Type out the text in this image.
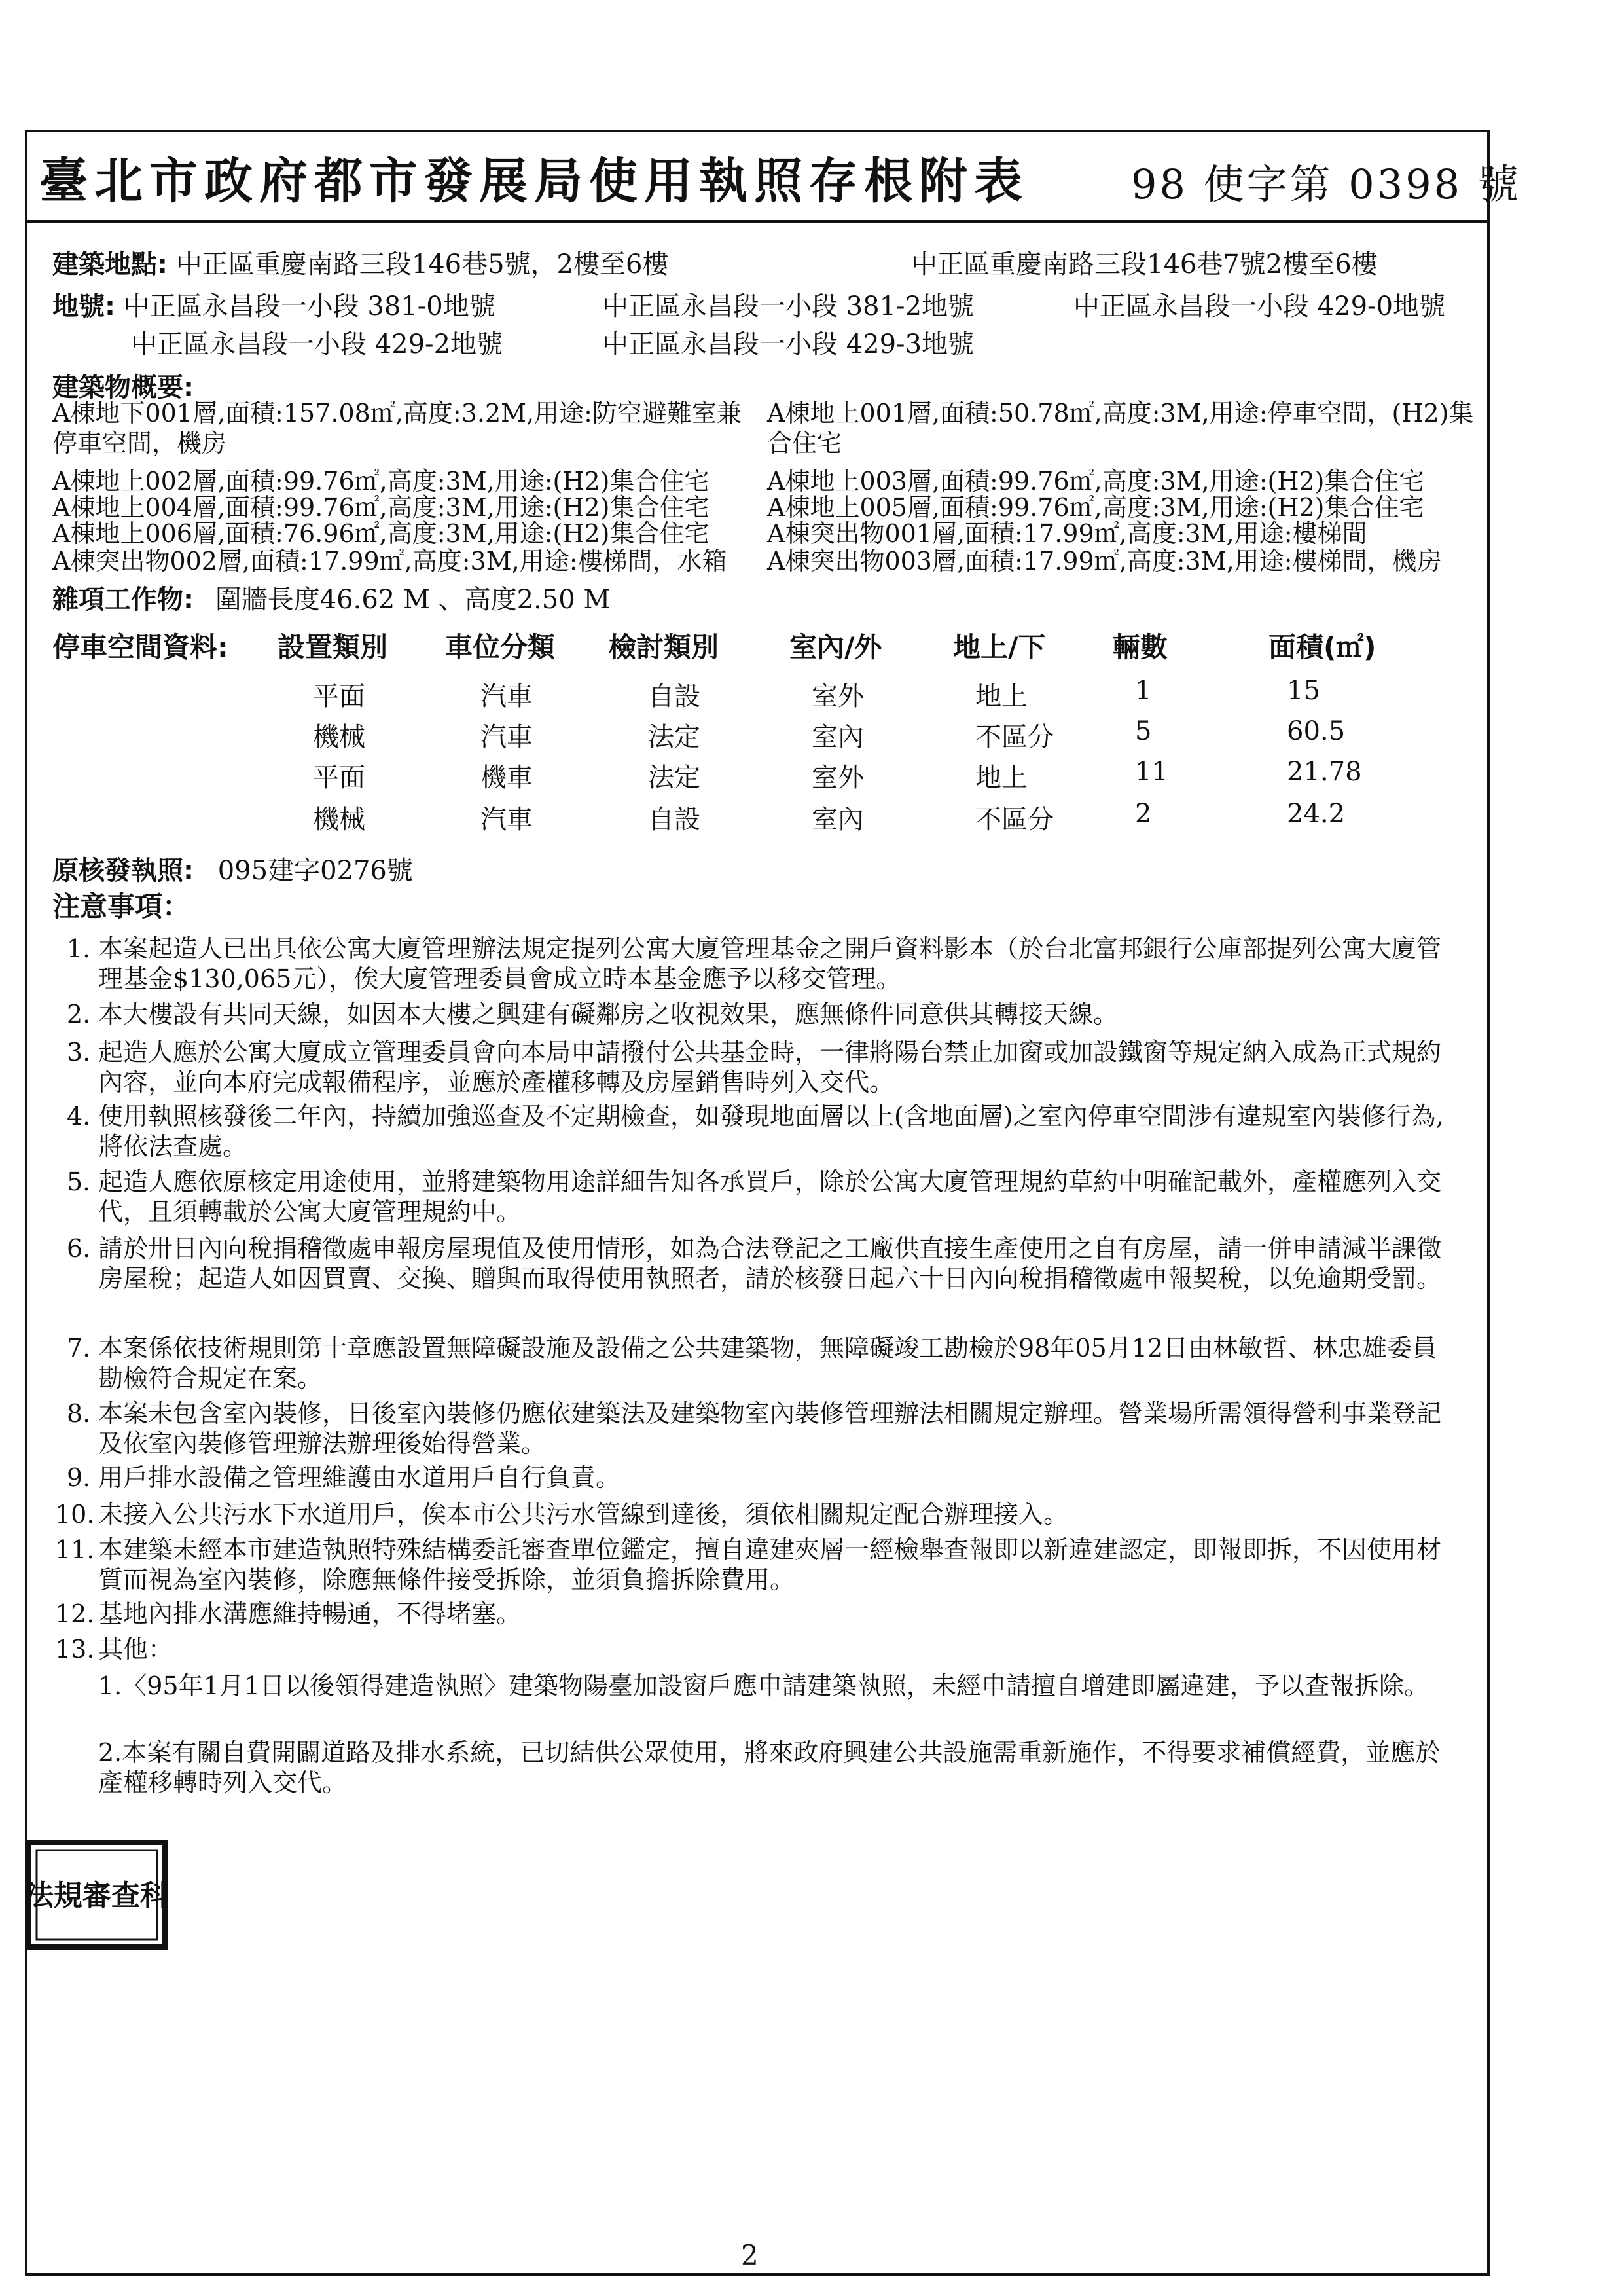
臺北市政府都市發展局使用執照存根附表	98 使字第 0398 號
建築地點: 中正區重慶南路三段146巷5號，2樓至6樓	中正區重慶南路三段146巷7號2樓至6樓
地號: 中正區永昌段一小段 381-0地號	中正區永昌段一小段 381-2地號	中正區永昌段一小段 429-0地號
中正區永昌段一小段 429-2地號	中正區永昌段一小段 429-3地號
建築物概要:
A棟地下001層,面積:157.08㎡,高度:3.2M,用途:防空避難室兼停車空間，機房
A棟地上002層,面積:99.76㎡,高度:3M,用途:(H2)集合住宅
A棟地上004層,面積:99.76㎡,高度:3M,用途:(H2)集合住宅
A棟地上006層,面積:76.96㎡,高度:3M,用途:(H2)集合住宅
A棟突出物002層,面積:17.99㎡,高度:3M,用途:樓梯間，水箱
A棟地上001層,面積:50.78㎡,高度:3M,用途:停車空間，(H2)集合住宅
A棟地上003層,面積:99.76㎡,高度:3M,用途:(H2)集合住宅
A棟地上005層,面積:99.76㎡,高度:3M,用途:(H2)集合住宅
A棟突出物001層,面積:17.99㎡,高度:3M,用途:樓梯間
A棟突出物003層,面積:17.99㎡,高度:3M,用途:樓梯間，機房
雜項工作物: 圍牆長度46.62 M 、高度2.50 M
停車空間資料: 設置類別 車位分類 檢討類別	室內/外	地上/下 輛數	面積(㎡)
平面	汽車	自設	室外	地上	1	15
機械	汽車	法定	室內	不區分	5	60.5
平面	機車	法定	室外	地上	11	21.78
機械	汽車	自設	室內	不區分	2	24.2
原核發執照: 095建字0276號
注意事項：
1. 本案起造人已出具依公寓大廈管理辦法規定提列公寓大廈管理基金之開戶資料影本（於台北富邦銀行公庫部提列公寓大廈管理基金$130,065元），俟大廈管理委員會成立時本基金應予以移交管理。
2. 本大樓設有共同天線，如因本大樓之興建有礙鄰房之收視效果，應無條件同意供其轉接天線。
3. 起造人應於公寓大廈成立管理委員會向本局申請撥付公共基金時，一律將陽台禁止加窗或加設鐵窗等規定納入成為正式規約內容，並向本府完成報備程序，並應於產權移轉及房屋銷售時列入交代。
4. 使用執照核發後二年內，持續加強巡查及不定期檢查，如發現地面層以上(含地面層)之室內停車空間涉有違規室內裝修行為,將依法查處。
5. 起造人應依原核定用途使用，並將建築物用途詳細告知各承買戶，除於公寓大廈管理規約草約中明確記載外，產權應列入交代，且須轉載於公寓大廈管理規約中。
6. 請於卅日內向稅捐稽徵處申報房屋現值及使用情形，如為合法登記之工廠供直接生產使用之自有房屋，請一併申請減半課徵房屋稅；起造人如因買賣、交換、贈與而取得使用執照者，請於核發日起六十日內向稅捐稽徵處申報契稅，以免逾期受罰。
7. 本案係依技術規則第十章應設置無障礙設施及設備之公共建築物，無障礙竣工勘檢於98年05月12日由林敏哲、林忠雄委員勘檢符合規定在案。
8. 本案未包含室內裝修，日後室內裝修仍應依建築法及建築物室內裝修管理辦法相關規定辦理。營業場所需領得營利事業登記及依室內裝修管理辦法辦理後始得營業。
9. 用戶排水設備之管理維護由水道用戶自行負責。
10. 未接入公共污水下水道用戶，俟本市公共污水管線到達後，須依相關規定配合辦理接入。
11. 本建築未經本市建造執照特殊結構委託審查單位鑑定，擅自違建夾層一經檢舉查報即以新違建認定，即報即拆，不因使用材質而視為室內裝修，除應無條件接受拆除，並須負擔拆除費用。
12. 基地內排水溝應維持暢通，不得堵塞。
13. 其他：
1.〈95年1月1日以後領得建造執照〉建築物陽臺加設窗戶應申請建築執照，未經申請擅自增建即屬違建，予以查報拆除。
2.本案有關自費開闢道路及排水系統，已切結供公眾使用，將來政府興建公共設施需重新施作，不得要求補償經費，並應於產權移轉時列入交代。
法規審查科
2
